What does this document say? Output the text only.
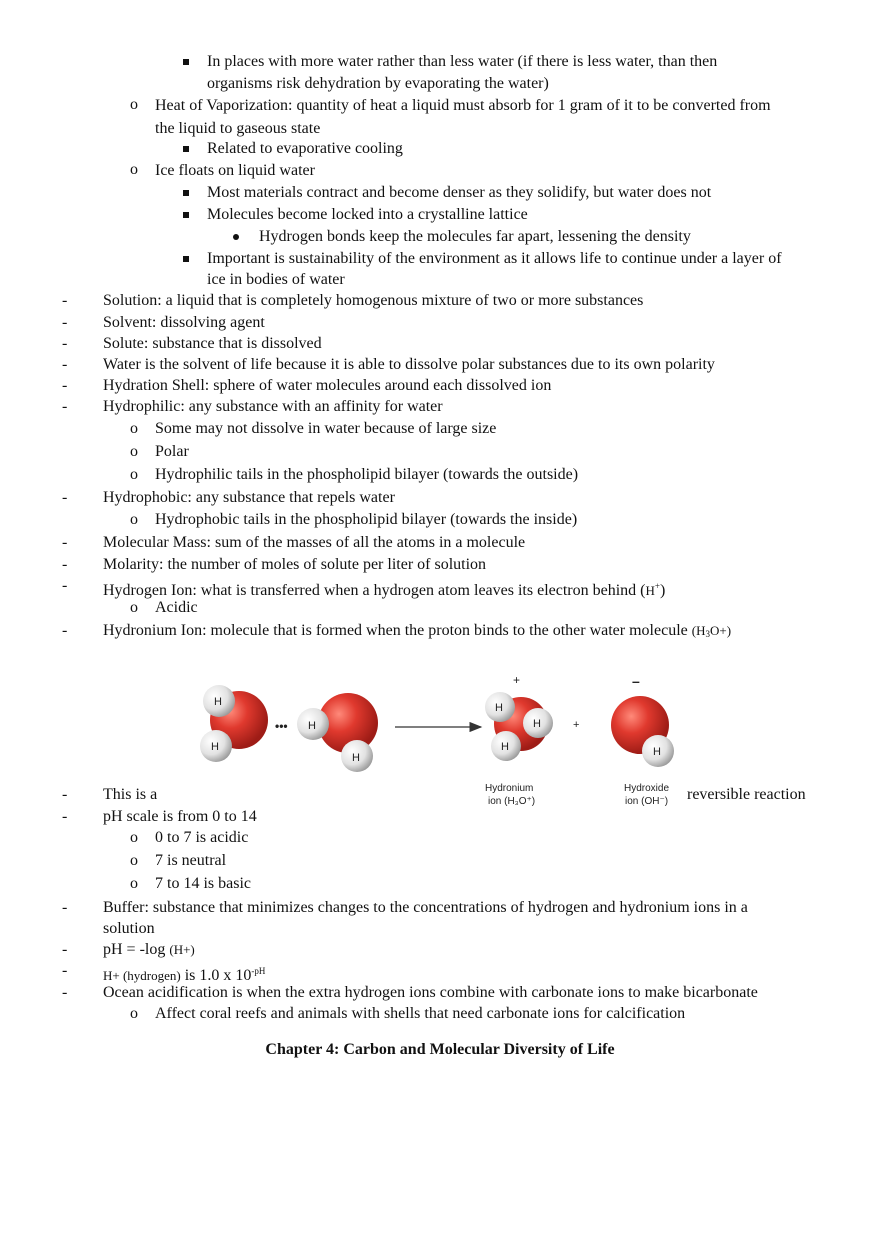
In places with more water rather than less water (if there is less water, than then
organisms risk dehydration by evaporating the water)
o Heat of Vaporization: quantity of heat a liquid must absorb for 1 gram of it to be converted from
the liquid to gaseous state
Related to evaporative cooling
o Ice floats on liquid water
Most materials contract and become denser as they solidify, but water does not
Molecules become locked into a crystalline lattice
Hydrogen bonds keep the molecules far apart, lessening the density
Important is sustainability of the environment as it allows life to continue under a layer of
ice in bodies of water
- Solution: a liquid that is completely homogenous mixture of two or more substances
- Solvent: dissolving agent
- Solute: substance that is dissolved
- Water is the solvent of life because it is able to dissolve polar substances due to its own polarity
- Hydration Shell: sphere of water molecules around each dissolved ion
- Hydrophilic: any substance with an affinity for water
o Some may not dissolve in water because of large size
o Polar
o Hydrophilic tails in the phospholipid bilayer (towards the outside)
- Hydrophobic: any substance that repels water
o Hydrophobic tails in the phospholipid bilayer (towards the inside)
- Molecular Mass: sum of the masses of all the atoms in a molecule
- Molarity: the number of moles of solute per liter of solution
- Hydrogen Ion: what is transferred when a hydrogen atom leaves its electron behind (H+)
o Acidic
- Hydronium Ion: molecule that is formed when the proton binds to the other water molecule $(H_3O+)$
H
H
••• H
H
+
H
H
H
Hydronium
ion (H₃O⁺)
+
–
H
Hydroxide
ion (OH⁻)
- This is a	reversible reaction
- pH scale is from 0 to 14
o 0 to 7 is acidic
o 7 is neutral
o 7 to 14 is basic
- Buffer: substance that minimizes changes to the concentrations of hydrogen and hydronium ions in a
solution
- pH = -log (H+)
-	H+ (hydrogen) is 1.0 x $10^{-pH}$
- Ocean acidification is when the extra hydrogen ions combine with carbonate ions to make bicarbonate
o Affect coral reefs and animals with shells that need carbonate ions for calcification
Chapter 4: Carbon and Molecular Diversity of Life
